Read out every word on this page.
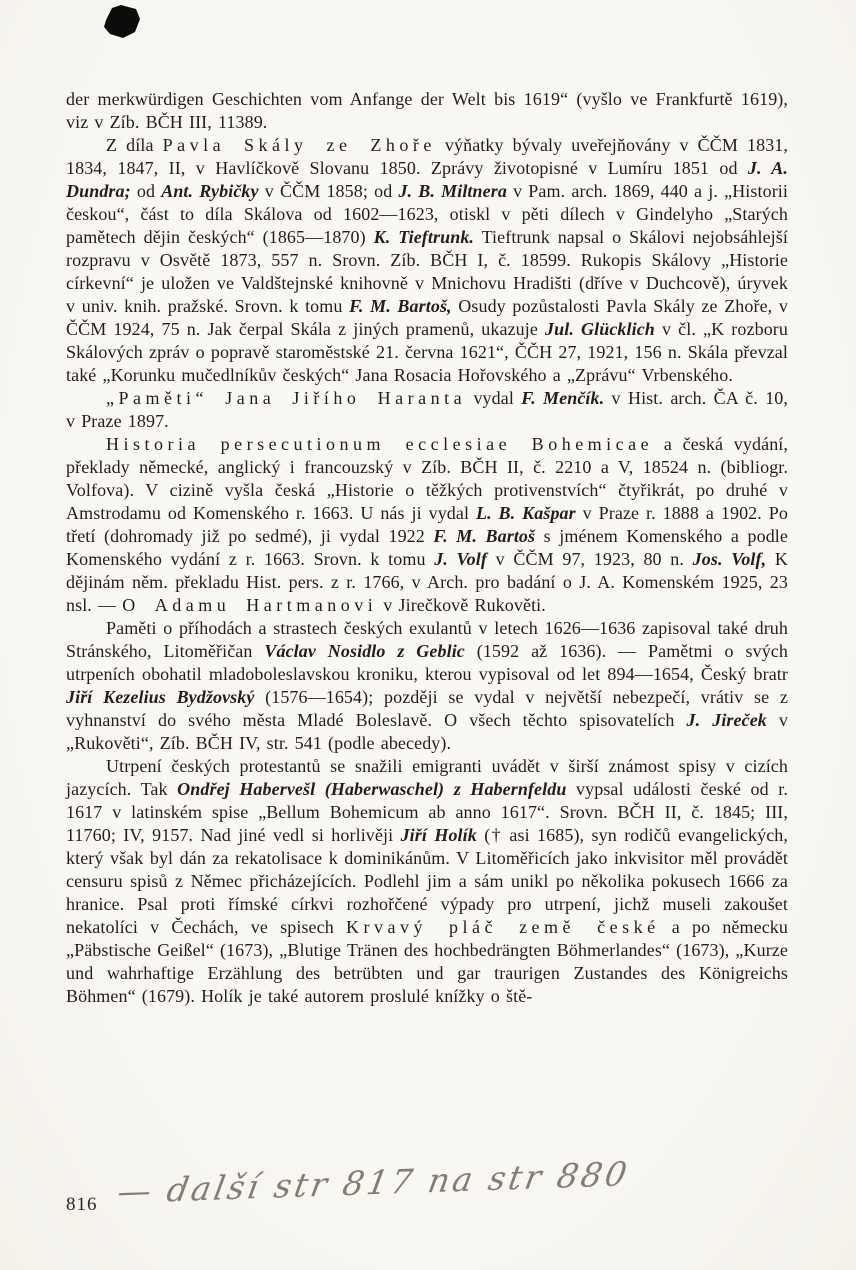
der merkwürdigen Geschichten vom Anfange der Welt bis 1619“ (vyšlo ve Frankfurtě 1619), viz v Zíb. BČH III, 11389.

Z díla Pavla Skály ze Zhoře výňatky bývaly uveřejňovány v ČČM 1831, 1834, 1847, II, v Havlíčkově Slovanu 1850. Zprávy životopisné v Lumíru 1851 od J. A. Dundra; od Ant. Rybičky v ČČM 1858; od J. B. Miltnera v Pam. arch. 1869, 440 a j. „Historii českou“, část to díla Skálova od 1602—1623, otiskl v pěti dílech v Gindelyho „Starých pamětech dějin českých“ (1865—1870) K. Tieftrunk. Tieftrunk napsal o Skálovi nejobsáhlejší rozpravu v Osvětě 1873, 557 n. Srovn. Zíb. BČH I, č. 18599. Rukopis Skálovy „Historie církevní“ je uložen ve Valdštejnské knihovně v Mnichovu Hradišti (dříve v Duchcově), úryvek v univ. knih. pražské. Srovn. k tomu F. M. Bartoš, Osudy pozůstalosti Pavla Skály ze Zhoře, v ČČM 1924, 75 n. Jak čerpal Skála z jiných pramenů, ukazuje Jul. Glücklich v čl. „K rozboru Skálových zpráv o popravě staroměstské 21. června 1621“, ČČH 27, 1921, 156 n. Skála převzal také „Korunku mučedlníkův českých“ Jana Rosacia Hořovského a „Zprávu“ Vrbenského.

„Paměti“ Jana Jiřího Haranta vydal F. Menčík. v Hist. arch. ČA č. 10, v Praze 1897.

Historia persecutionum ecclesiae Bohemicae a česká vydání, překlady německé, anglický i francouzský v Zíb. BČH II, č. 2210 a V, 18524 n. (bibliogr. Volfova). V cizině vyšla česká „Historie o těžkých protivenstvích“ čtyřikrát, po druhé v Amstrodamu od Komenského r. 1663. U nás ji vydal L. B. Kašpar v Praze r. 1888 a 1902. Po třetí (dohromady již po sedmé), ji vydal 1922 F. M. Bartoš s jménem Komenského a podle Komenského vydání z r. 1663. Srovn. k tomu J. Volf v ČČM 97, 1923, 80 n. Jos. Volf, K dějinám něm. překladu Hist. pers. z r. 1766, v Arch. pro badání o J. A. Komenském 1925, 23 nsl. — O Adamu Hartmanovi v Jirečkově Rukověti.

Paměti o příhodách a strastech českých exulantů v letech 1626—1636 zapisoval také druh Stránského, Litoměřičan Václav Nosidlo z Geblic (1592 až 1636). — Pamětmi o svých utrpeních obohatil mladoboleslavskou kroniku, kterou vypisoval od let 894—1654, Český bratr Jiří Kezelius Bydžovský (1576—1654); později se vydal v největší nebezpečí, vrátiv se z vyhnanství do svého města Mladé Boleslavě. O všech těchto spisovatelích J. Jireček v „Rukověti“, Zíb. BČH IV, str. 541 (podle abecedy).

Utrpení českých protestantů se snažili emigranti uvádět v širší známost spisy v cizích jazycích. Tak Ondřej Habervešl (Haberwaschel) z Habernfeldu vypsal události české od r. 1617 v latinském spise „Bellum Bohemicum ab anno 1617“. Srovn. BČH II, č. 1845; III, 11760; IV, 9157. Nad jiné vedl si horlivěji Jiří Holík († asi 1685), syn rodičů evangelických, který však byl dán za rekatolisace k dominikánům. V Litoměřicích jako inkvisitor měl provádět censuru spisů z Němec přicházejících. Podlehl jim a sám unikl po několika pokusech 1666 za hranice. Psal proti římské církvi rozhořčené výpady pro utrpení, jichž museli zakoušet nekatolíci v Čechách, ve spisech Krvavý pláč země české a po německu „Päbstische Geißel“ (1673), „Blutige Tränen des hochbedrängten Böhmerlandes“ (1673), „Kurze und wahrhaftige Erzählung des betrübten und gar traurigen Zustandes des Königreichs Böhmen“ (1679). Holík je také autorem proslulé knížky o ště-

816 — další str 817 na str 880
